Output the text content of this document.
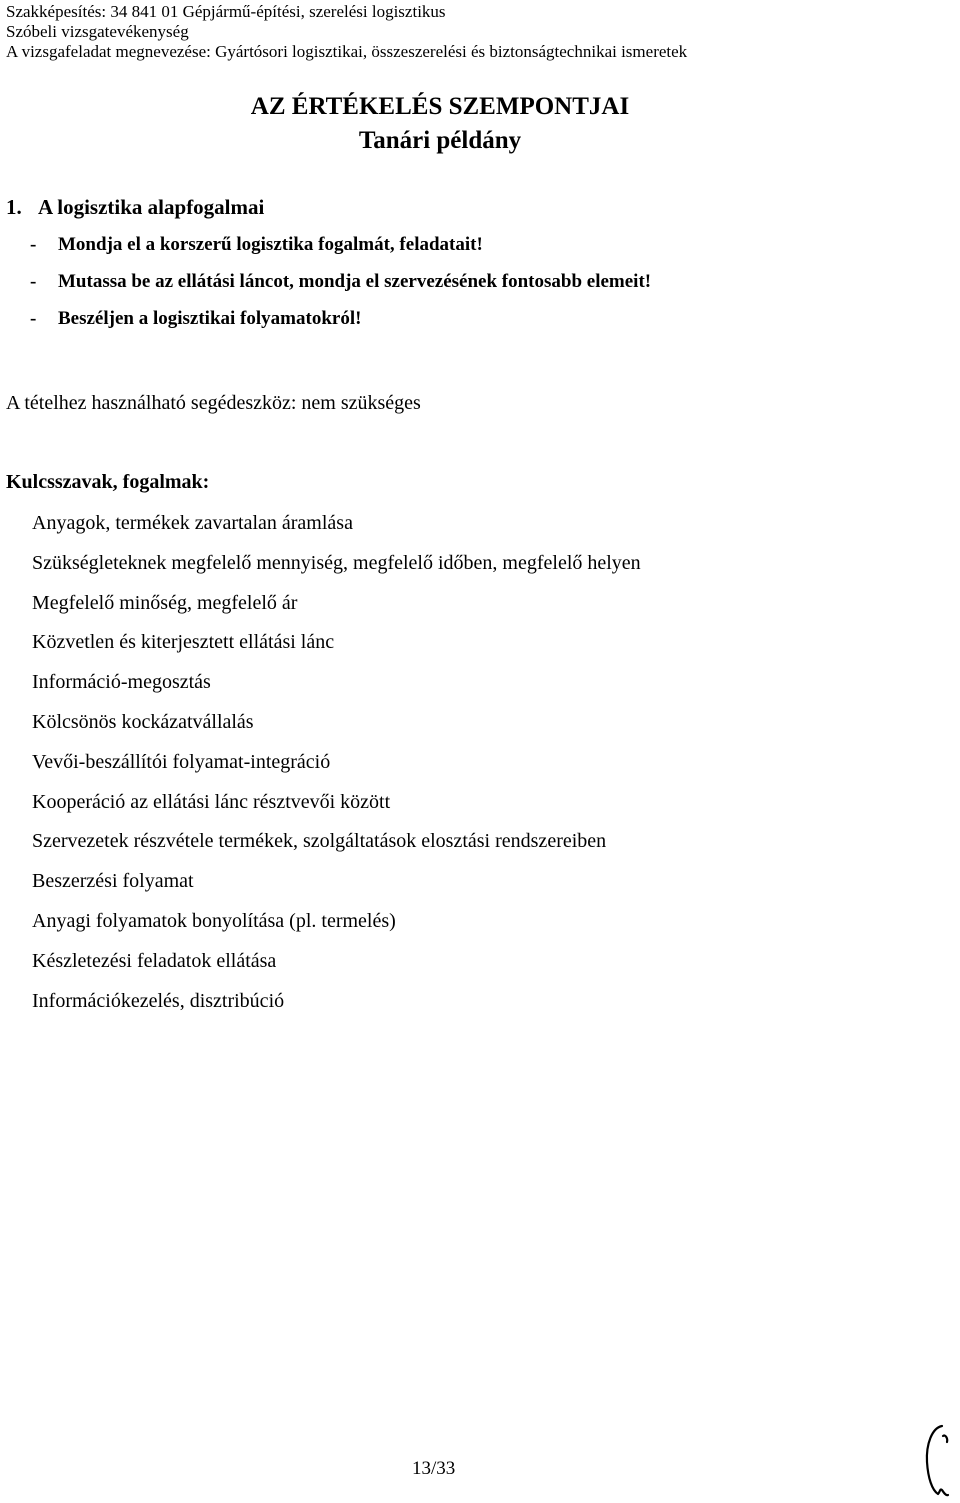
Szakképesítés: 34 841 01 Gépjármű-építési, szerelési logisztikus
Szóbeli vizsgatevékenység
A vizsgafeladat megnevezése: Gyártósori logisztikai, összeszerelési és biztonságtechnikai ismeretek
AZ ÉRTÉKELÉS SZEMPONTJAI
Tanári példány
1. A logisztika alapfogalmai
- Mondja el a korszerű logisztika fogalmát, feladatait!
- Mutassa be az ellátási láncot, mondja el szervezésének fontosabb elemeit!
- Beszéljen a logisztikai folyamatokról!
A tételhez használható segédeszköz: nem szükséges
Kulcsszavak, fogalmak:
Anyagok, termékek zavartalan áramlása
Szükségleteknek megfelelő mennyiség, megfelelő időben, megfelelő helyen
Megfelelő minőség, megfelelő ár
Közvetlen és kiterjesztett ellátási lánc
Információ-megosztás
Kölcsönös kockázatvállalás
Vevői-beszállítói folyamat-integráció
Kooperáció az ellátási lánc résztvevői között
Szervezetek részvétele termékek, szolgáltatások elosztási rendszereiben
Beszerzési folyamat
Anyagi folyamatok bonyolítása (pl. termelés)
Készletezési feladatok ellátása
Információkezelés, disztribúció
13/33
